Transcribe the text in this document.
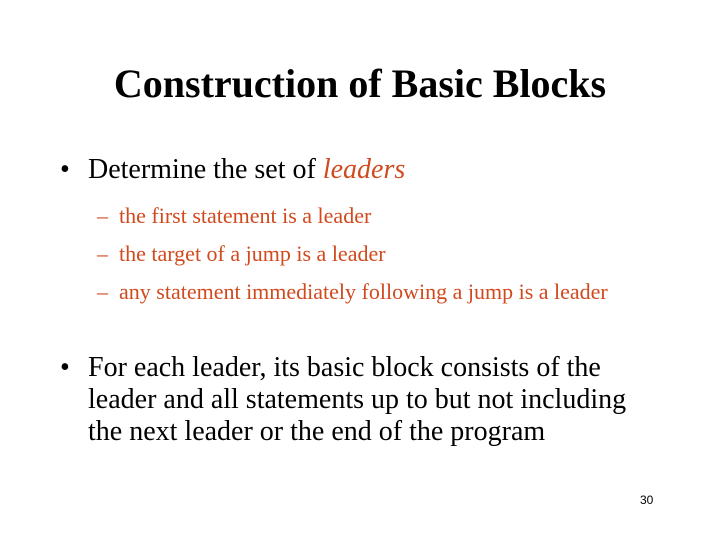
Construction of Basic Blocks
• Determine the set of leaders
– the first statement is a leader
– the target of a jump is a leader
– any statement immediately following a jump is a leader
• For each leader, its basic block consists of the leader and all statements up to but not including the next leader or the end of the program
30
